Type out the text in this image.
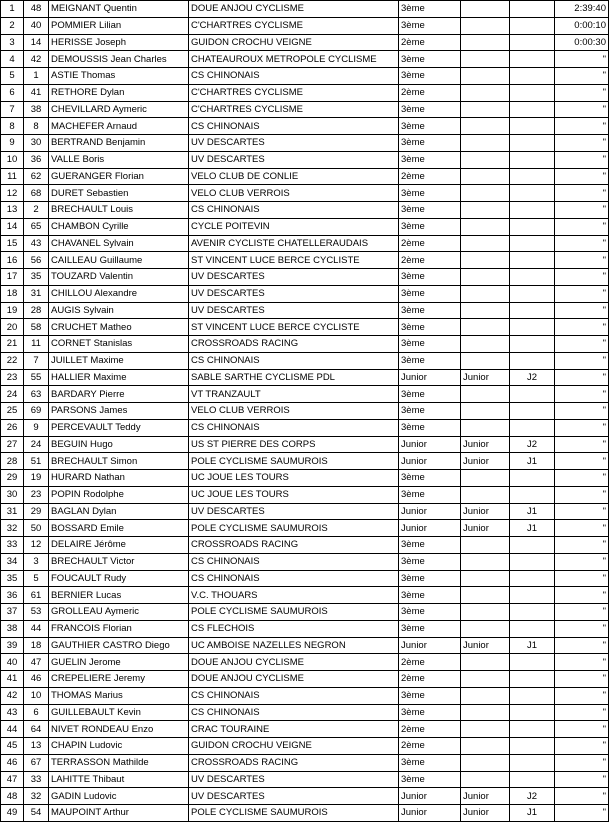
1	48	MEIGNANT Quentin	DOUE ANJOU CYCLISME	3ème			2:39:40
2	40	POMMIER Lilian	C'CHARTRES CYCLISME	3ème			0:00:10
3	14	HERISSE Joseph	GUIDON CROCHU VEIGNE	2ème			0:00:30
4	42	DEMOUSSIS Jean Charles	CHATEAUROUX METROPOLE CYCLISME	3ème			"
5	1	ASTIE Thomas	CS CHINONAIS	3ème			"
6	41	RETHORE Dylan	C'CHARTRES CYCLISME	2ème			"
7	38	CHEVILLARD Aymeric	C'CHARTRES CYCLISME	3ème			"
8	8	MACHEFER Arnaud	CS CHINONAIS	3ème			"
9	30	BERTRAND Benjamin	UV DESCARTES	3ème			"
10	36	VALLE Boris	UV DESCARTES	3ème			"
11	62	GUERANGER Florian	VELO CLUB DE CONLIE	2ème			"
12	68	DURET Sebastien	VELO CLUB VERROIS	3ème			"
13	2	BRECHAULT Louis	CS CHINONAIS	3ème			"
14	65	CHAMBON Cyrille	CYCLE POITEVIN	3ème			"
15	43	CHAVANEL Sylvain	AVENIR CYCLISTE CHATELLERAUDAIS	2ème			"
16	56	CAILLEAU Guillaume	ST VINCENT LUCE BERCE CYCLISTE	2ème			"
17	35	TOUZARD Valentin	UV DESCARTES	3ème			"
18	31	CHILLOU Alexandre	UV DESCARTES	3ème			"
19	28	AUGIS Sylvain	UV DESCARTES	3ème			"
20	58	CRUCHET Matheo	ST VINCENT LUCE BERCE CYCLISTE	3ème			"
21	11	CORNET Stanislas	CROSSROADS RACING	3ème			"
22	7	JUILLET Maxime	CS CHINONAIS	3ème			"
23	55	HALLIER Maxime	SABLE SARTHE CYCLISME PDL	Junior	Junior	J2	"
24	63	BARDARY Pierre	VT TRANZAULT	3ème			"
25	69	PARSONS James	VELO CLUB VERROIS	3ème			"
26	9	PERCEVAULT Teddy	CS CHINONAIS	3ème			"
27	24	BEGUIN Hugo	US ST PIERRE DES CORPS	Junior	Junior	J2	"
28	51	BRECHAULT Simon	POLE CYCLISME SAUMUROIS	Junior	Junior	J1	"
29	19	HURARD Nathan	UC JOUE LES TOURS	3ème			"
30	23	POPIN Rodolphe	UC JOUE LES TOURS	3ème			"
31	29	BAGLAN Dylan	UV DESCARTES	Junior	Junior	J1	"
32	50	BOSSARD Emile	POLE CYCLISME SAUMUROIS	Junior	Junior	J1	"
33	12	DELAIRE Jérôme	CROSSROADS RACING	3ème			"
34	3	BRECHAULT Victor	CS CHINONAIS	3ème			"
35	5	FOUCAULT Rudy	CS CHINONAIS	3ème			"
36	61	BERNIER Lucas	V.C. THOUARS	3ème			"
37	53	GROLLEAU Aymeric	POLE CYCLISME SAUMUROIS	3ème			"
38	44	FRANCOIS Florian	CS FLECHOIS	3ème			"
39	18	GAUTHIER CASTRO Diego	UC AMBOISE NAZELLES NEGRON	Junior	Junior	J1	"
40	47	GUELIN Jerome	DOUE ANJOU CYCLISME	2ème			"
41	46	CREPELIERE Jeremy	DOUE ANJOU CYCLISME	2ème			"
42	10	THOMAS Marius	CS CHINONAIS	3ème			"
43	6	GUILLEBAULT Kevin	CS CHINONAIS	3ème			"
44	64	NIVET RONDEAU Enzo	CRAC TOURAINE	2ème			"
45	13	CHAPIN Ludovic	GUIDON CROCHU VEIGNE	2ème			"
46	67	TERRASSON Mathilde	CROSSROADS RACING	3ème			"
47	33	LAHITTE Thibaut	UV DESCARTES	3ème			"
48	32	GADIN Ludovic	UV DESCARTES	Junior	Junior	J2	"
49	54	MAUPOINT Arthur	POLE CYCLISME SAUMUROIS	Junior	Junior	J1	"
